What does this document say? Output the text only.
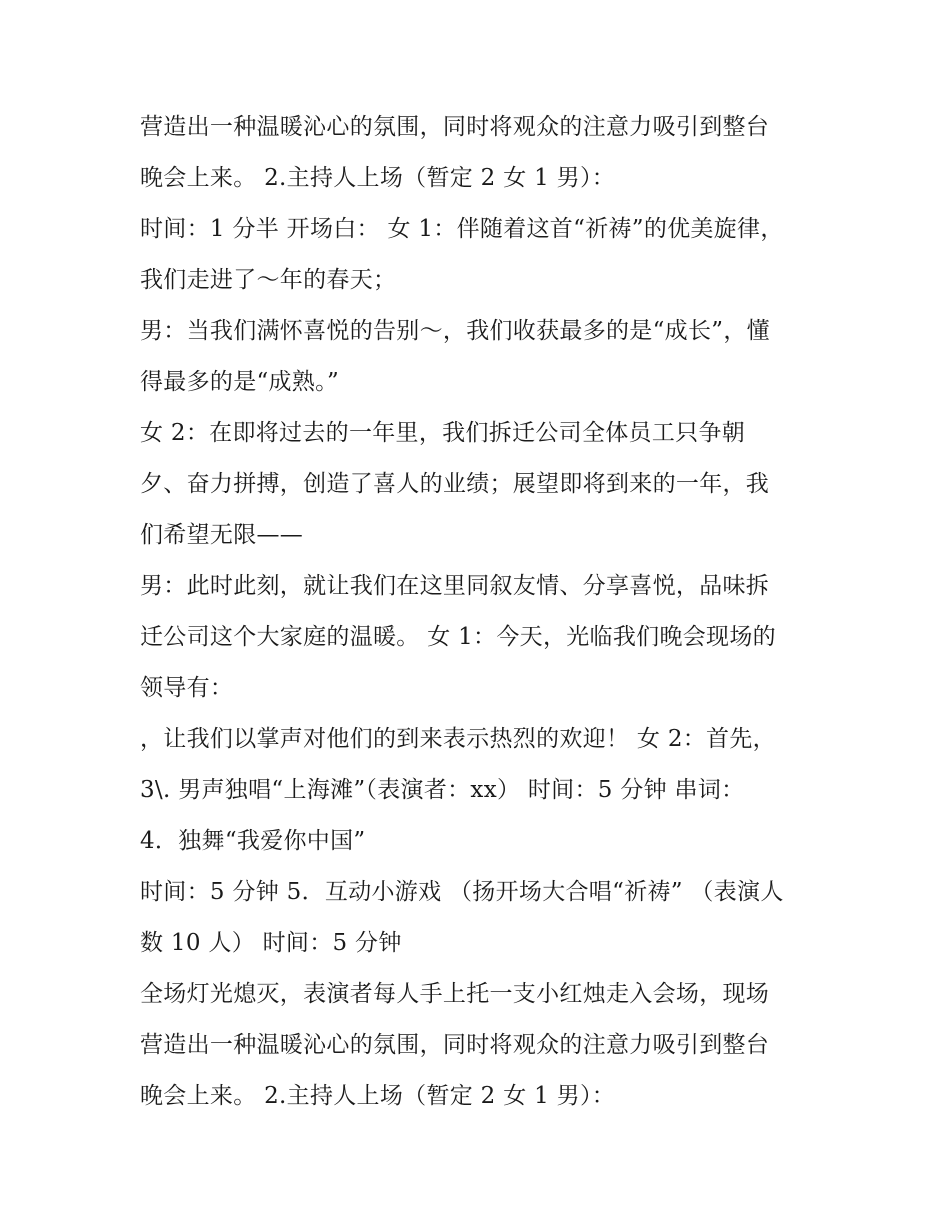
营造出一种温暖沁心的氛围，同时将观众的注意力吸引到整台
晚会上来。 2.主持人上场（暂定 2 女 1 男）：
时间：1 分半 开场白： 女 1：伴随着这首“祈祷”的优美旋律，
我们走进了～年的春天；
男：当我们满怀喜悦的告别～，我们收获最多的是“成长”，懂
得最多的是“成熟。”
女 2：在即将过去的一年里，我们拆迁公司全体员工只争朝
夕、奋力拼搏，创造了喜人的业绩；展望即将到来的一年，我
们希望无限——
男：此时此刻，就让我们在这里同叙友情、分享喜悦，品味拆
迁公司这个大家庭的温暖。 女 1：今天，光临我们晚会现场的
领导有：
，让我们以掌声对他们的到来表示热烈的欢迎！ 女 2：首先，
3\. 男声独唱“上海滩”（表演者：xx） 时间：5 分钟 串词：
4．独舞“我爱你中国”
时间：5 分钟 5．互动小游戏 （扬开场大合唱“祈祷” （表演人
数 10 人） 时间：5 分钟
全场灯光熄灭，表演者每人手上托一支小红烛走入会场，现场
营造出一种温暖沁心的氛围，同时将观众的注意力吸引到整台
晚会上来。 2.主持人上场（暂定 2 女 1 男）：
